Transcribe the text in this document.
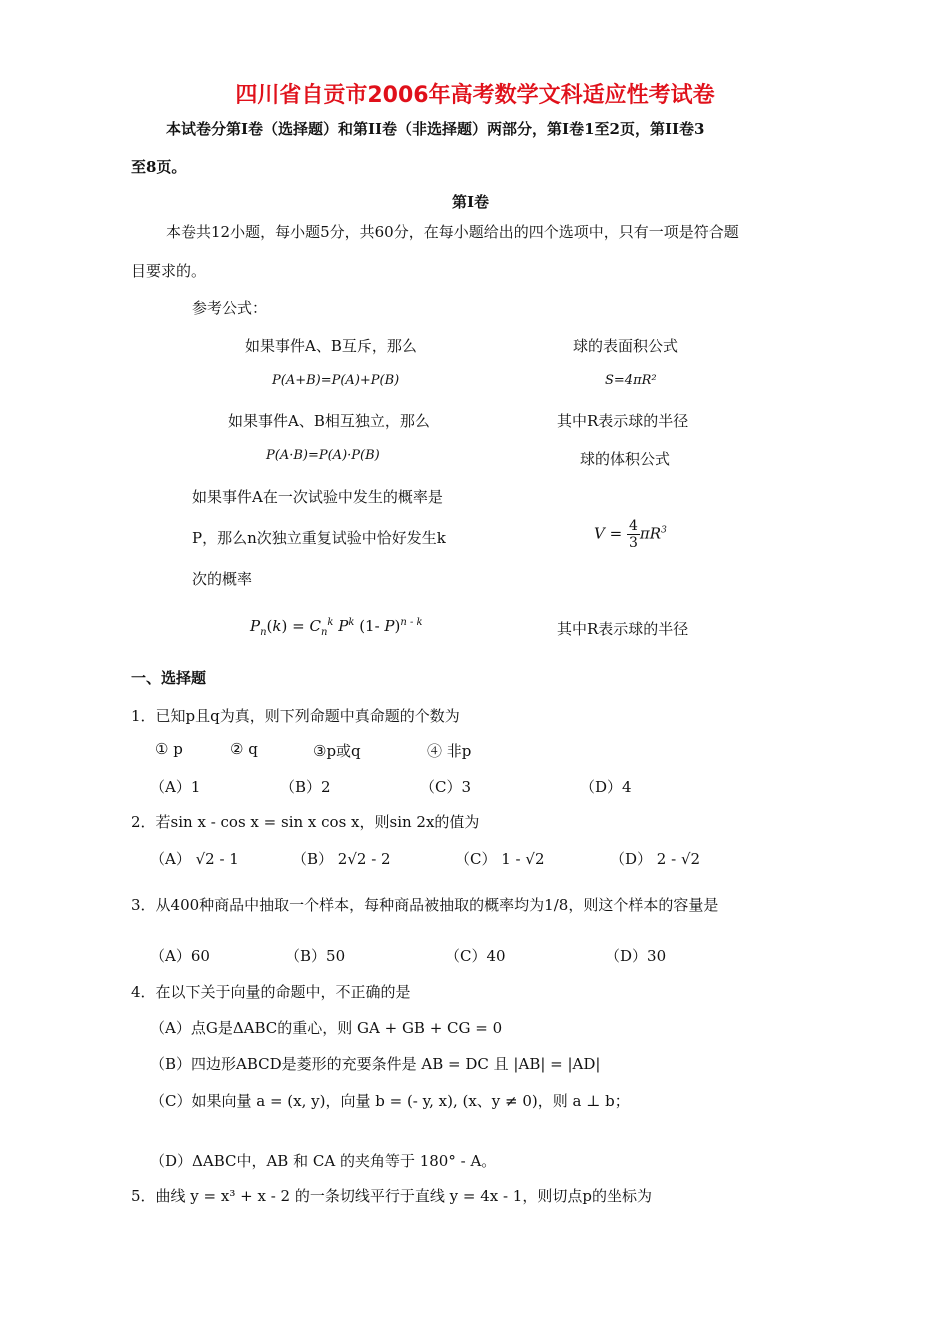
四川省自贡市2006年高考数学文科适应性考试卷
本试卷分第I卷（选择题）和第II卷（非选择题）两部分，第I卷1至2页，第II卷3
至8页。
第I卷
本卷共12小题，每小题5分，共60分，在每小题给出的四个选项中，只有一项是符合题
目要求的。
参考公式：
如果事件A、B互斥，那么	球的表面积公式
P(A+B)=P(A)+P(B)	S=4πR²
如果事件A、B相互独立，那么	其中R表示球的半径
P(A·B)=P(A)·P(B)	球的体积公式
如果事件A在一次试验中发生的概率是
P，那么n次独立重复试验中恰好发生k
次的概率
$V = \frac{4}{3} \pi R^3$
$P_n(k) = C_n^k$ $P^k$ (1- P)$^{n - k}$	其中R表示球的半径
一、选择题
1．已知p且q为真，则下列命题中真命题的个数为
① p	② q	③p或q	④ 非p
（A）1	（B）2	（C）3	（D）4
2．若sin x - cos x = sin x cos x，则sin 2x的值为
（A） √2 - 1	（B） 2√2 - 2	（C） 1 - √2	（D） 2 - √2
3．从400种商品中抽取一个样本，每种商品被抽取的概率均为1/8，则这个样本的容量是
（A）60	（B）50	（C）40	（D）30
4．在以下关于向量的命题中，不正确的是
（A）点G是ΔABC的重心，则 GA + GB + CG = 0
（B）四边形ABCD是菱形的充要条件是 AB = DC 且 |AB| = |AD|
（C）如果向量 a = (x, y)，向量 b = (- y, x), (x、y ≠ 0)，则 a ⊥ b；
（D）ΔABC中，AB 和 CA 的夹角等于 180° - A。
5．曲线 y = x³ + x - 2 的一条切线平行于直线 y = 4x - 1，则切点p的坐标为
